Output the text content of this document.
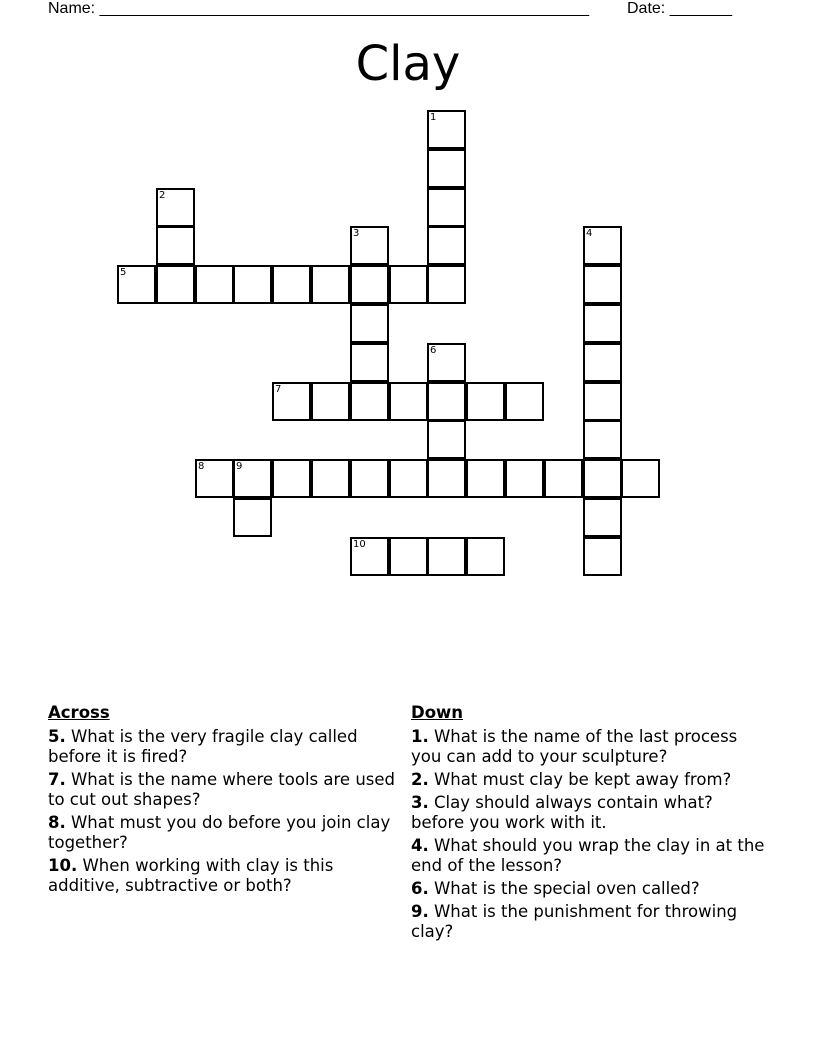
Name: _______________________________________________________ Date: _______
Clay
1
2
3	4
5
6
7
8	9
10
Across
5. What is the very fragile clay called before it is fired?
7. What is the name where tools are used to cut out shapes?
8. What must you do before you join clay together?
10. When working with clay is this additive, subtractive or both?
Down
1. What is the name of the last process you can add to your sculpture?
2. What must clay be kept away from?
3. Clay should always contain what? before you work with it.
4. What should you wrap the clay in at the end of the lesson?
6. What is the special oven called?
9. What is the punishment for throwing clay?
